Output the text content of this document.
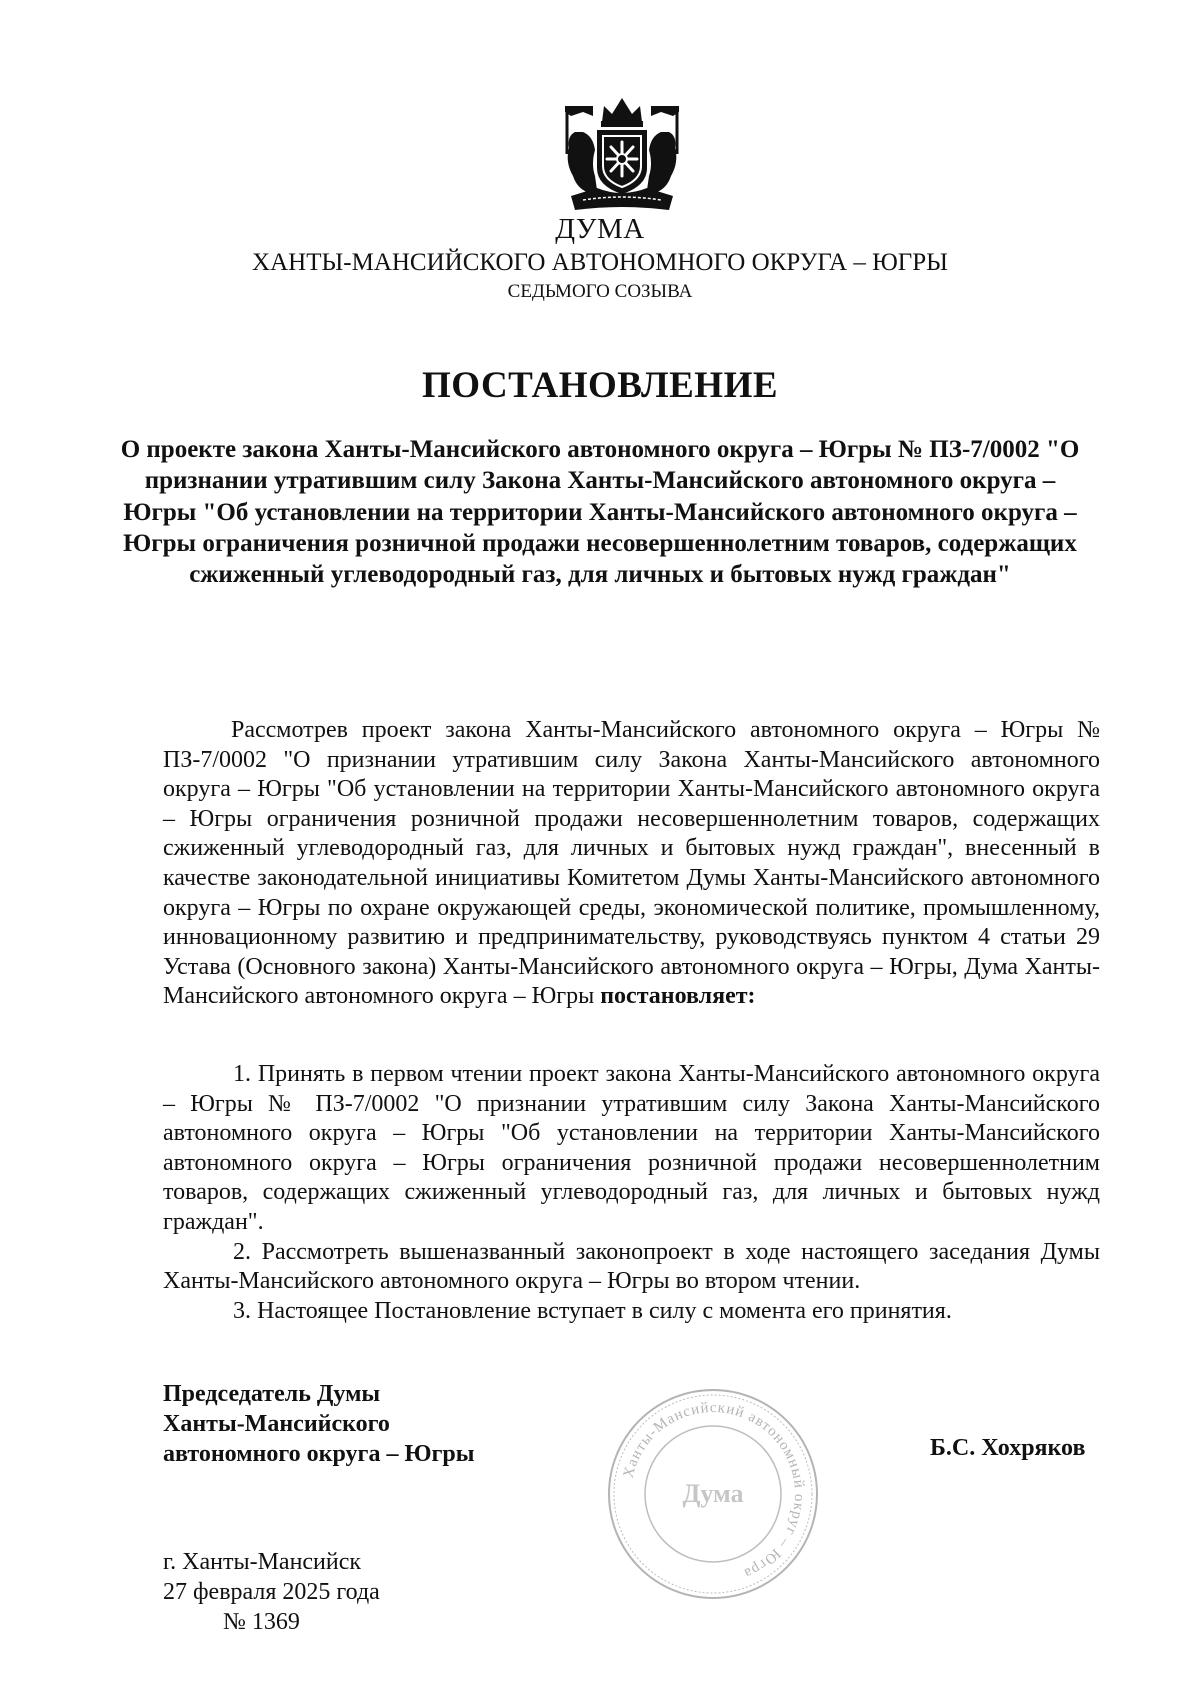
ДУМА
ХАНТЫ-МАНСИЙСКОГО АВТОНОМНОГО ОКРУГА – ЮГРЫ
СЕДЬМОГО СОЗЫВА
ПОСТАНОВЛЕНИЕ

О проекте закона Ханты-Мансийского автономного округа – Югры № ПЗ-7/0002 "О признании утратившим силу Закона Ханты-Мансийского автономного округа – Югры "Об установлении на территории Ханты-Мансийского автономного округа – Югры ограничения розничной продажи несовершеннолетним товаров, содержащих сжиженный углеводородный газ, для личных и бытовых нужд граждан"

Рассмотрев проект закона Ханты-Мансийского автономного округа – Югры № ПЗ-7/0002 "О признании утратившим силу Закона Ханты-Мансийского автономного округа – Югры "Об установлении на территории Ханты-Мансийского автономного округа – Югры ограничения розничной продажи несовершеннолетним товаров, содержащих сжиженный углеводородный газ, для личных и бытовых нужд граждан", внесенный в качестве законодательной инициативы Комитетом Думы Ханты-Мансийского автономного округа – Югры по охране окружающей среды, экономической политике, промышленному, инновационному развитию и предпринимательству, руководствуясь пунктом 4 статьи 29 Устава (Основного закона) Ханты-Мансийского автономного округа – Югры, Дума Ханты-Мансийского автономного округа – Югры постановляет:

1. Принять в первом чтении проект закона Ханты-Мансийского автономного округа – Югры № ПЗ-7/0002 "О признании утратившим силу Закона Ханты-Мансийского автономного округа – Югры "Об установлении на территории Ханты-Мансийского автономного округа – Югры ограничения розничной продажи несовершеннолетним товаров, содержащих сжиженный углеводородный газ, для личных и бытовых нужд граждан".

2. Рассмотреть вышеназванный законопроект в ходе настоящего заседания Думы Ханты-Мансийского автономного округа – Югры во втором чтении.

3. Настоящее Постановление вступает в силу с момента его принятия.

Председатель Думы
Ханты-Мансийского
автономного округа – Югры
Ханты-Мансийский автономный округ – Югра
Дума
Б.С. Хохряков
г. Ханты-Мансийск
27 февраля 2025 года
№ 1369
